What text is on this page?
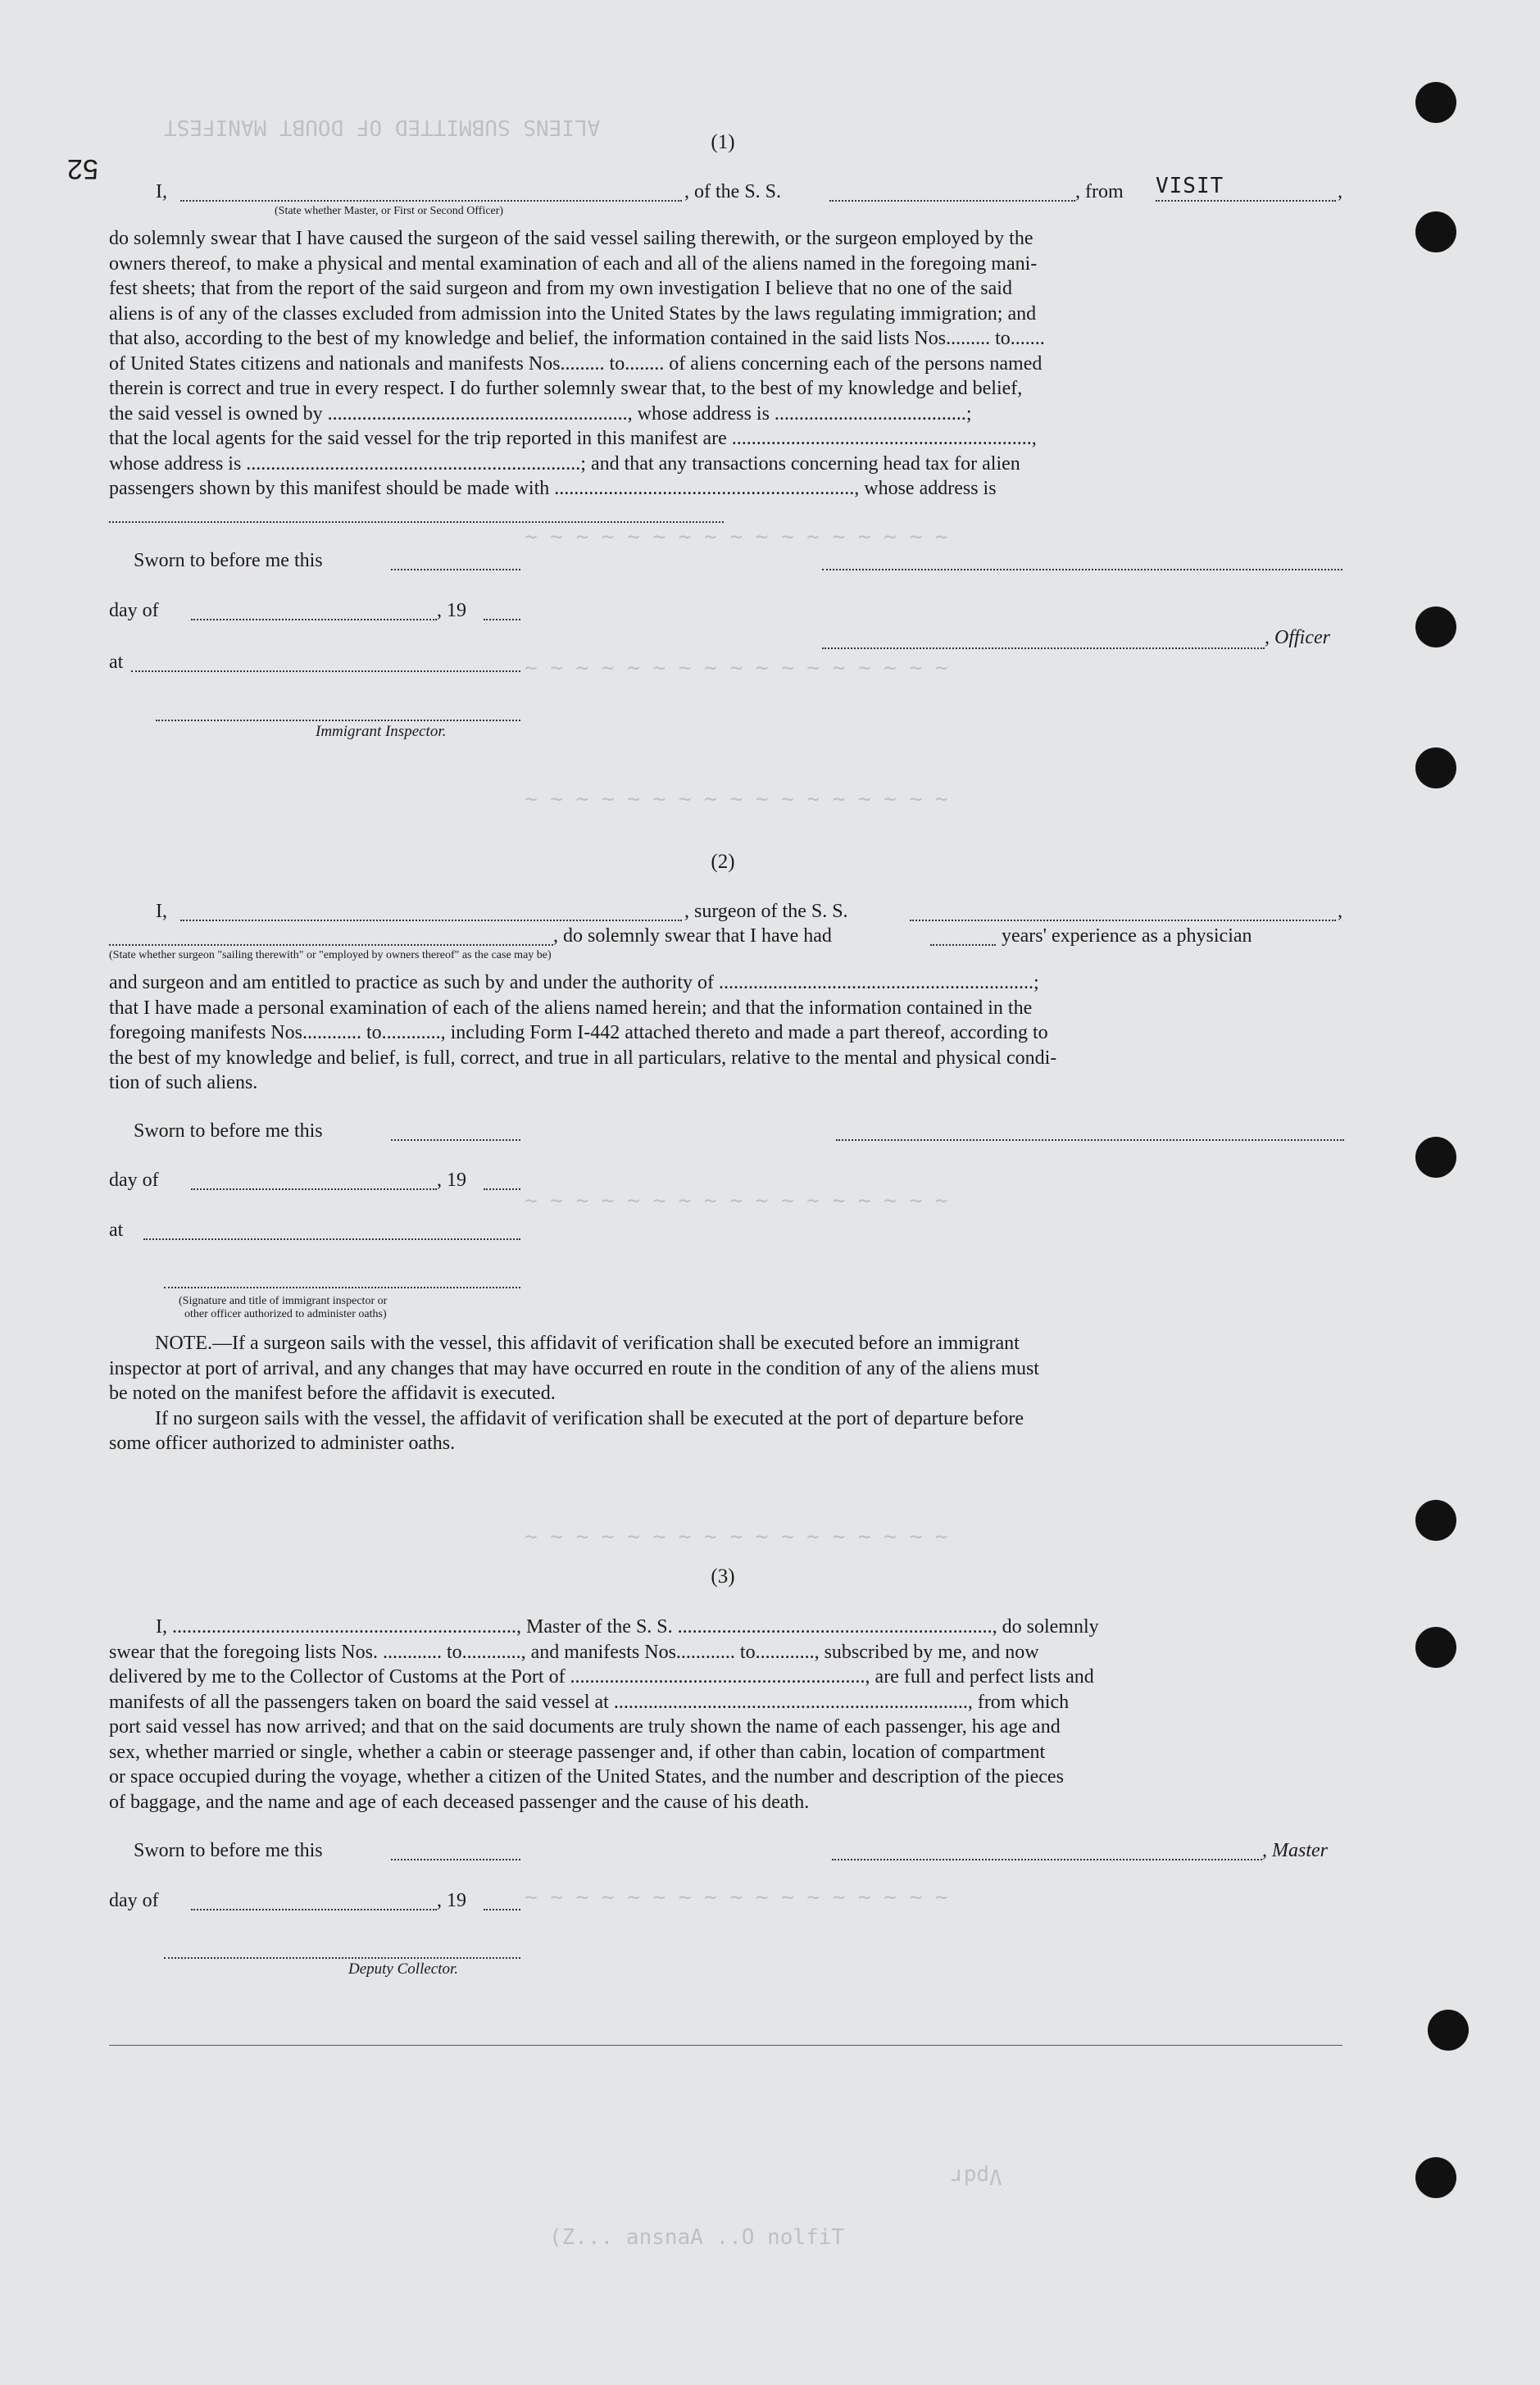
52
ALIENS SUBMITTED OF DOUBT MANIFEST
~ ~ ~ ~ ~ ~ ~ ~ ~ ~ ~ ~ ~ ~ ~ ~ ~
~ ~ ~ ~ ~ ~ ~ ~ ~ ~ ~ ~ ~ ~ ~ ~ ~
~ ~ ~ ~ ~ ~ ~ ~ ~ ~ ~ ~ ~ ~ ~ ~ ~
~ ~ ~ ~ ~ ~ ~ ~ ~ ~ ~ ~ ~ ~ ~ ~ ~
~ ~ ~ ~ ~ ~ ~ ~ ~ ~ ~ ~ ~ ~ ~ ~ ~
~ ~ ~ ~ ~ ~ ~ ~ ~ ~ ~ ~ ~ ~ ~ ~ ~
(1)
I,	, of the S. S.	, from VISIT	,
(State whether Master, or First or Second Officer)
do solemnly swear that I have caused the surgeon of the said vessel sailing therewith, or the surgeon employed by the
owners thereof, to make a physical and mental examination of each and all of the aliens named in the foregoing mani-
fest sheets; that from the report of the said surgeon and from my own investigation I believe that no one of the said
aliens is of any of the classes excluded from admission into the United States by the laws regulating immigration; and
that also, according to the best of my knowledge and belief, the information contained in the said lists Nos......... to.......
of United States citizens and nationals and manifests Nos......... to........ of aliens concerning each of the persons named
therein is correct and true in every respect. I do further solemnly swear that, to the best of my knowledge and belief,
the said vessel is owned by ............................................................., whose address is .......................................;
that the local agents for the said vessel for the trip reported in this manifest are .............................................................,
whose address is ....................................................................; and that any transactions concerning head tax for alien
passengers shown by this manifest should be made with ............................................................., whose address is
Sworn to before me this
day of	, 19
, Officer
at
Immigrant Inspector.
(2)
I,	, surgeon of the S. S.	,
, do solemnly swear that I have had	years' experience as a physician
(State whether surgeon "sailing therewith" or "employed by owners thereof" as the case may be)
and surgeon and am entitled to practice as such by and under the authority of ................................................................;
that I have made a personal examination of each of the aliens named herein; and that the information contained in the
foregoing manifests Nos............ to............, including Form I-442 attached thereto and made a part thereof, according to
the best of my knowledge and belief, is full, correct, and true in all particulars, relative to the mental and physical condi-
tion of such aliens.
Sworn to before me this
day of	, 19
at
(Signature and title of immigrant inspector or
other officer authorized to administer oaths)
NOTE.—If a surgeon sails with the vessel, this affidavit of verification shall be executed before an immigrant
inspector at port of arrival, and any changes that may have occurred en route in the condition of any of the aliens must
be noted on the manifest before the affidavit is executed.
If no surgeon sails with the vessel, the affidavit of verification shall be executed at the port of departure before
some officer authorized to administer oaths.
(3)
I, ......................................................................, Master of the S. S. ................................................................, do solemnly
swear that the foregoing lists Nos. ............ to............, and manifests Nos............ to............, subscribed by me, and now
delivered by me to the Collector of Customs at the Port of ............................................................, are full and perfect lists and
manifests of all the passengers taken on board the said vessel at ........................................................................, from which
port said vessel has now arrived; and that on the said documents are truly shown the name of each passenger, his age and
sex, whether married or single, whether a cabin or steerage passenger and, if other than cabin, location of compartment
or space occupied during the voyage, whether a citizen of the United States, and the number and description of the pieces
of baggage, and the name and age of each deceased passenger and the cause of his death.
Sworn to before me this	, Master
day of	, 19
Deputy Collector.
Vpdr
(Z... ansnaA ..O nolfiT
